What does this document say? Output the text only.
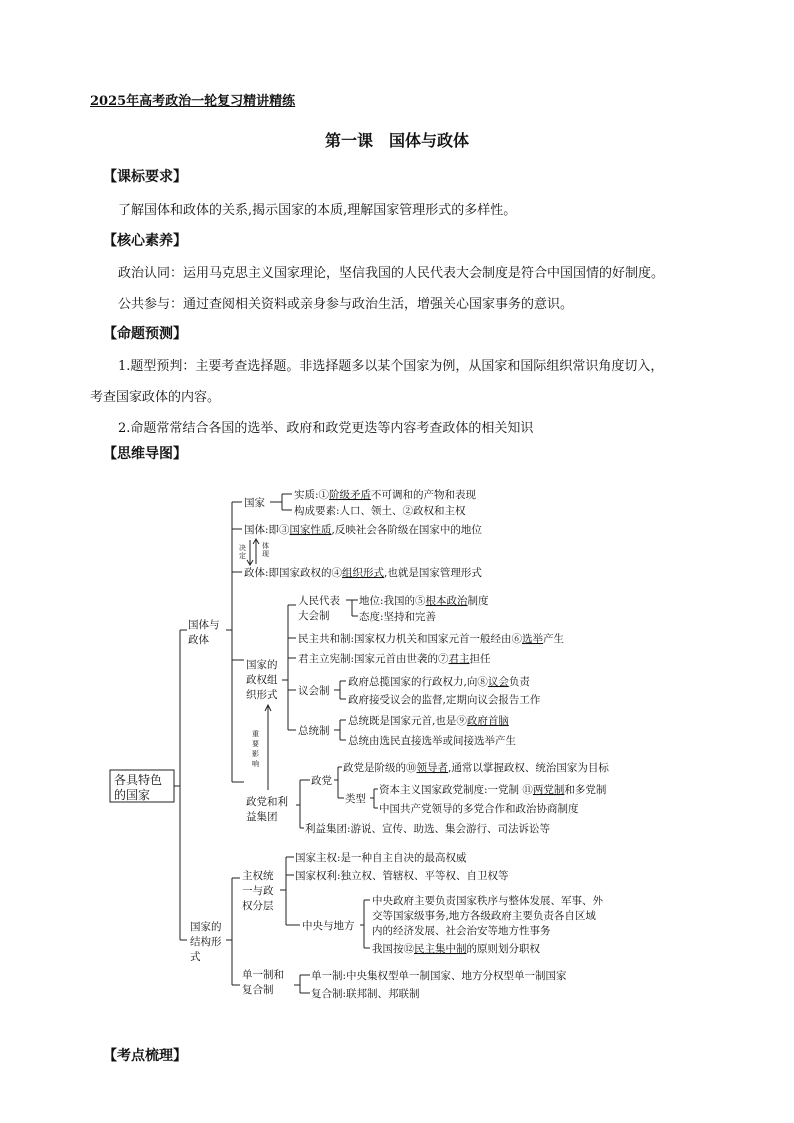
2025年高考政治一轮复习精讲精练
第一课　国体与政体
【课标要求】
了解国体和政体的关系,揭示国家的本质,理解国家管理形式的多样性。
【核心素养】
政治认同：运用马克思主义国家理论，坚信我国的人民代表大会制度是符合中国国情的好制度。
公共参与：通过查阅相关资料或亲身参与政治生活，增强关心国家事务的意识。
【命题预测】
1.题型预判：主要考查选择题。非选择题多以某个国家为例，从国家和国际组织常识角度切入，
考查国家政体的内容。
2.命题常常结合各国的选举、政府和政党更迭等内容考查政体的相关知识
【思维导图】
各具特色
的国家
国体与
政体
国家的
结构形
式
国家
实质:①阶级矛盾不可调和的产物和表现
构成要素:人口、领土、②政权和主权
国体:即③国家性质,反映社会各阶级在国家中的地位
决
定
体
现
政体:即国家政权的④组织形式,也就是国家管理形式
国家的
政权组
织形式
人民代表
大会制
地位:我国的⑤根本政治制度
态度:坚持和完善
民主共和制:国家权力机关和国家元首一般经由⑥选举产生
君主立宪制:国家元首由世袭的⑦君主担任
议会制
政府总揽国家的行政权力,向⑧议会负责
政府接受议会的监督,定期向议会报告工作
总统制
总统既是国家元首,也是⑨政府首脑
总统由选民直接选举或间接选举产生
重
要
影
响
政党和利
益集团
政党
政党是阶级的⑩领导者,通常以掌握政权、统治国家为目标
类型
资本主义国家政党制度:一党制 ⑪两党制和多党制
中国共产党领导的多党合作和政治协商制度
利益集团:游说、宣传、助选、集会游行、司法诉讼等
主权统
一与政
权分层
国家主权:是一种自主自决的最高权威
国家权利:独立权、管辖权、平等权、自卫权等
中央与地方
中央政府主要负责国家秩序与整体发展、军事、外
交等国家级事务,地方各级政府主要负责各自区域
内的经济发展、社会治安等地方性事务
我国按⑫民主集中制的原则划分职权
单一制和
复合制
单一制:中央集权型单一制国家、地方分权型单一制国家
复合制:联邦制、邦联制
【考点梳理】
